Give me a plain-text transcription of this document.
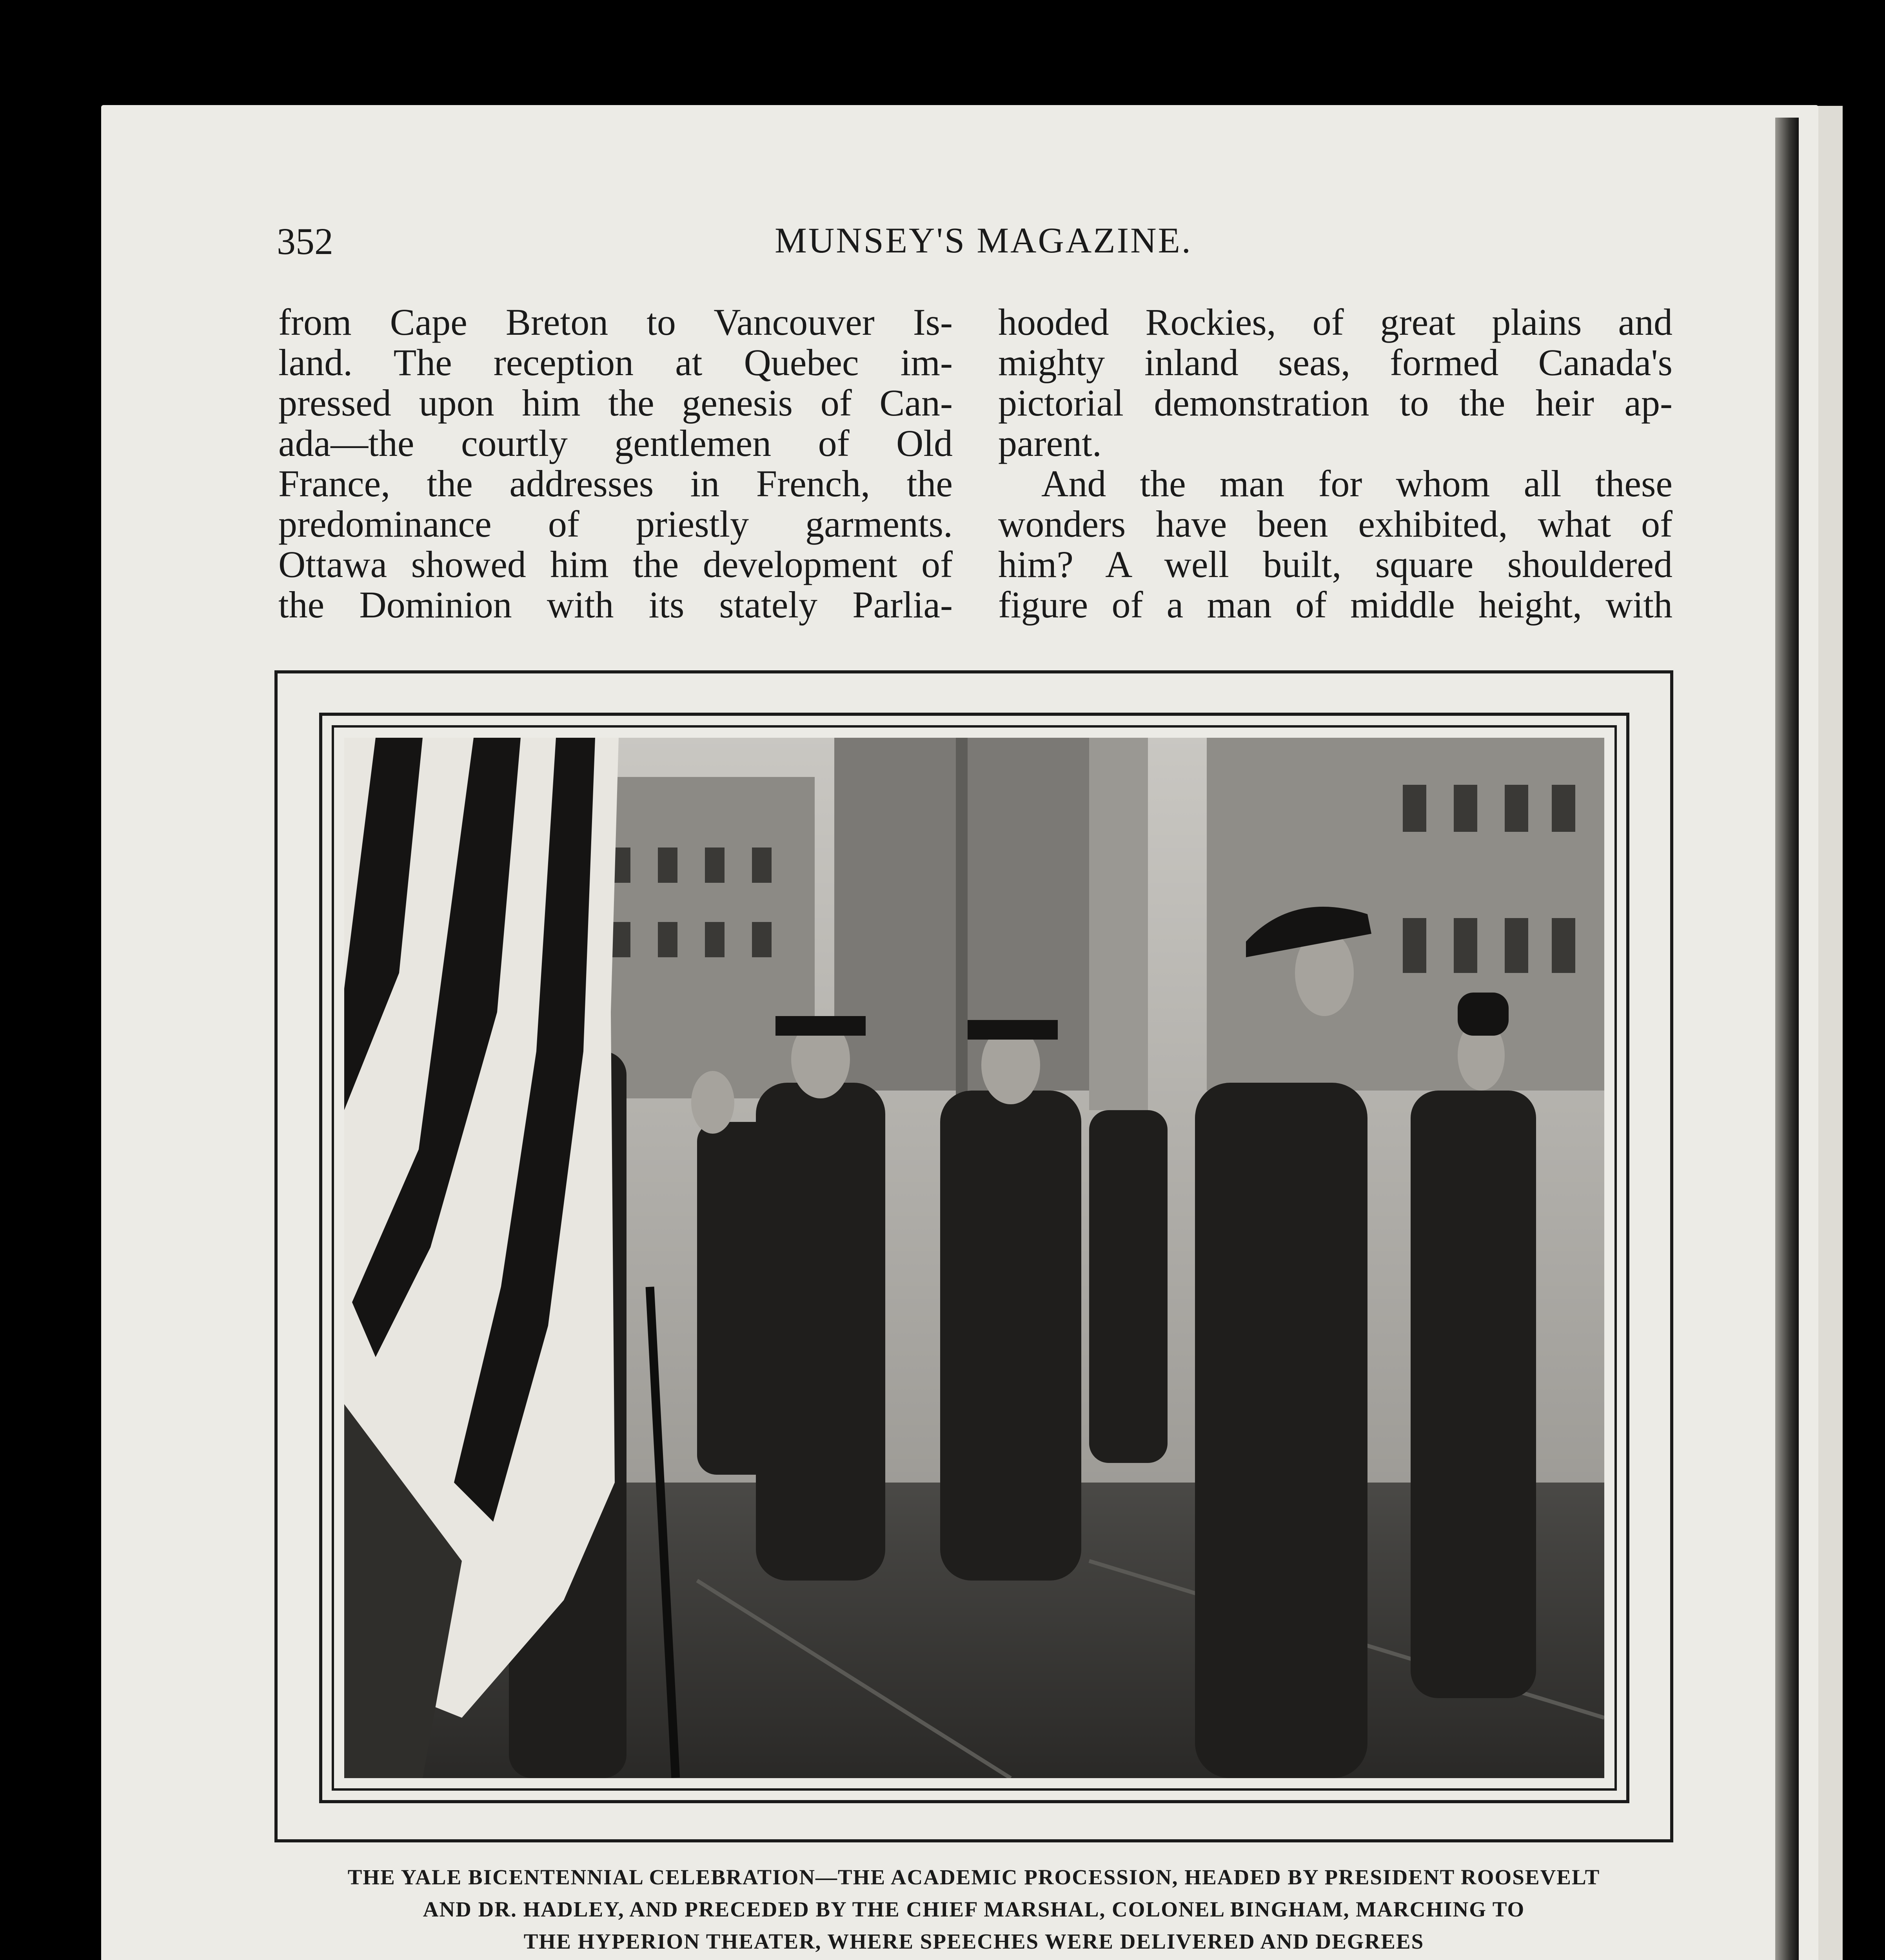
352	MUNSEY'S MAGAZINE.
from Cape Breton to Vancouver Is-
land. The reception at Quebec im-
pressed upon him the genesis of Can-
ada—the courtly gentlemen of Old
France, the addresses in French, the
predominance of priestly garments.
Ottawa showed him the development of
the Dominion with its stately Parlia-
hooded Rockies, of great plains and
mighty inland seas, formed Canada's
pictorial demonstration to the heir ap-
parent.
And the man for whom all these
wonders have been exhibited, what of
him? A well built, square shouldered
figure of a man of middle height, with
THE YALE BICENTENNIAL CELEBRATION—THE ACADEMIC PROCESSION, HEADED BY PRESIDENT ROOSEVELT
AND DR. HADLEY, AND PRECEDED BY THE CHIEF MARSHAL, COLONEL BINGHAM, MARCHING TO
THE HYPERION THEATER, WHERE SPEECHES WERE DELIVERED AND DEGREES
